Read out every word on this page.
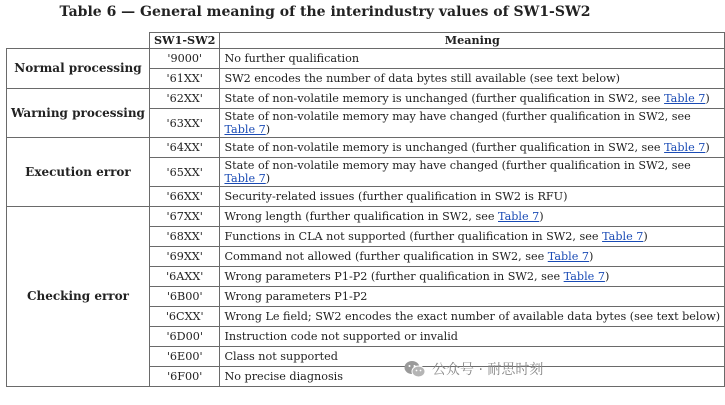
Table 6 — General meaning of the interindustry values of SW1-SW2
	SW1-SW2	Meaning
Normal processing	'9000'	No further qualification
	'61XX'	SW2 encodes the number of data bytes still available (see text below)
Warning processing	'62XX'	State of non-volatile memory is unchanged (further qualification in SW2, see Table 7)
	'63XX'	State of non-volatile memory may have changed (further qualification in SW2, see Table 7)
Execution error	'64XX'	State of non-volatile memory is unchanged (further qualification in SW2, see Table 7)
	'65XX'	State of non-volatile memory may have changed (further qualification in SW2, see Table 7)
	'66XX'	Security-related issues (further qualification in SW2 is RFU)
Checking error	'67XX'	Wrong length (further qualification in SW2, see Table 7)
	'68XX'	Functions in CLA not supported (further qualification in SW2, see Table 7)
	'69XX'	Command not allowed (further qualification in SW2, see Table 7)
	'6AXX'	Wrong parameters P1-P2 (further qualification in SW2, see Table 7)
	'6B00'	Wrong parameters P1-P2
	'6CXX'	Wrong Le field; SW2 encodes the exact number of available data bytes (see text below)
	'6D00'	Instruction code not supported or invalid
	'6E00'	Class not supported
	'6F00'	No precise diagnosis	公众号 · 耐思时刻
